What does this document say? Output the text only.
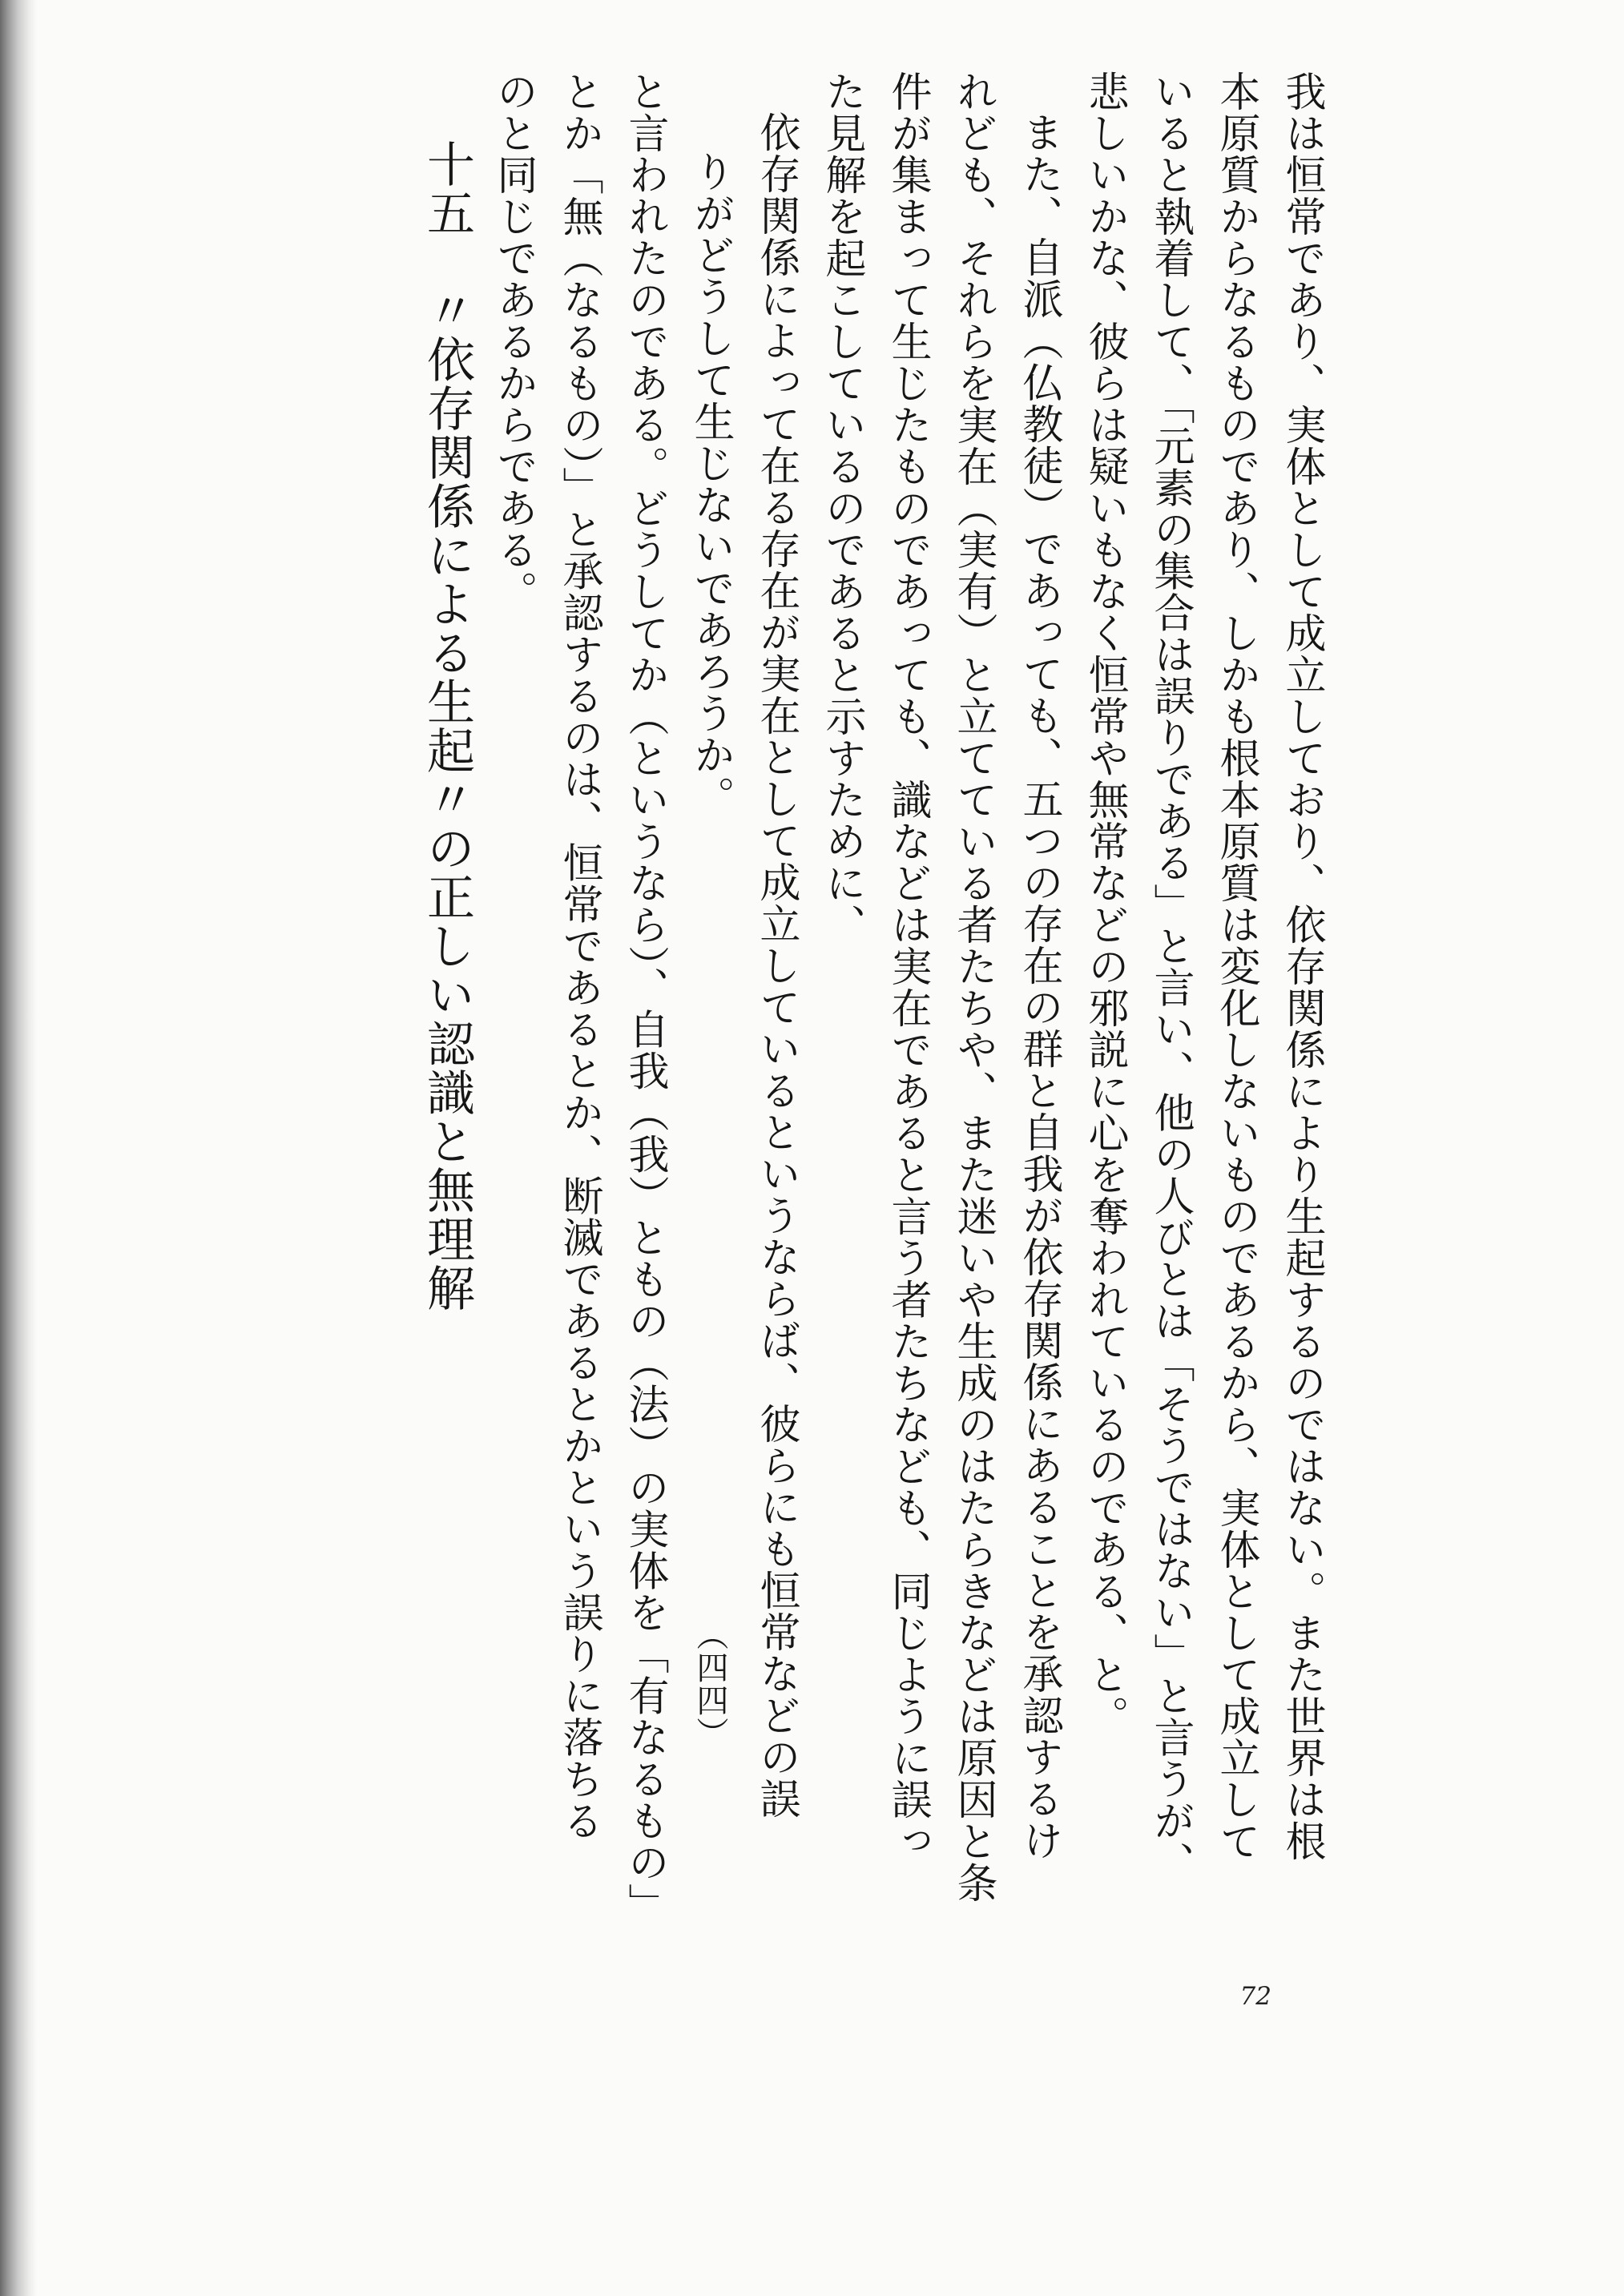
我は恒常であり、実体として成立しており、依存関係により生起するのではない。また世界は根
本原質からなるものであり、しかも根本原質は変化しないものであるから、実体として成立して
いると執着して、「元素の集合は誤りである」と言い、他の人びとは「そうではない」と言うが、
悲しいかな、彼らは疑いもなく恒常や無常などの邪説に心を奪われているのである、と。
また、自派（仏教徒）であっても、五つの存在の群と自我が依存関係にあることを承認するけ
れども、それらを実在（実有）と立てている者たちや、また迷いや生成のはたらきなどは原因と条
件が集まって生じたものであっても、識などは実在であると言う者たちなども、同じように誤っ
た見解を起こしているのであると示すために、
依存関係によって在る存在が実在として成立しているというならば、彼らにも恒常などの誤
りがどうして生じないであろうか。（四四）
と言われたのである。どうしてか（というなら）、自我（我）ともの（法）の実体を「有なるもの」
とか「無（なるもの）」と承認するのは、恒常であるとか、断滅であるとかという誤りに落ちる
のと同じであるからである。
十五　〃依存関係による生起〃の正しい認識と無理解
72
